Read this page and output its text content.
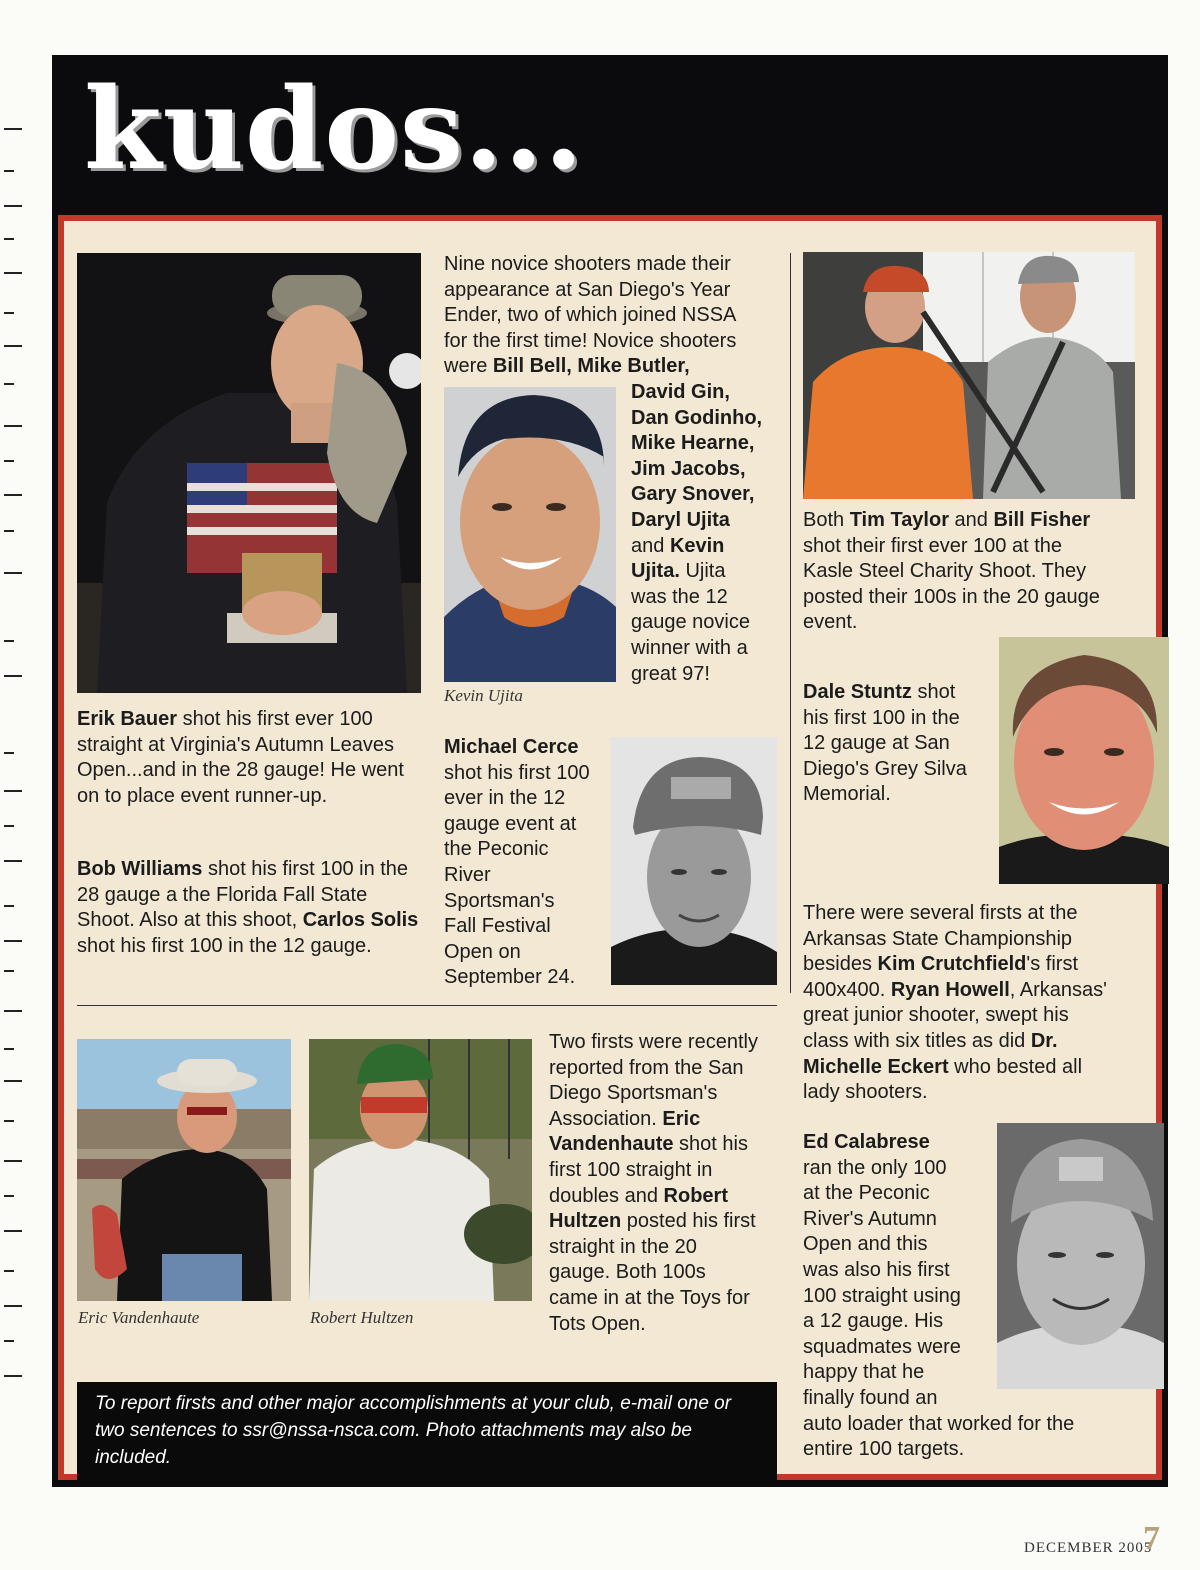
kudos...
Erik Bauer shot his first ever 100 straight at Virginia's Autumn Leaves Open...and in the 28 gauge! He went on to place event runner-up.
Bob Williams shot his first 100 in the 28 gauge a the Florida Fall State Shoot. Also at this shoot, Carlos Solis shot his first 100 in the 12 gauge.
Nine novice shooters made their
appearance at San Diego's Year
Ender, two of which joined NSSA
for the first time! Novice shooters
were Bill Bell, Mike Butler,
David Gin,
Dan Godinho,
Mike Hearne,
Jim Jacobs,
Gary Snover,
Daryl Ujita
and Kevin
Ujita. Ujita
was the 12
gauge novice
winner with a
great 97!
Kevin Ujita
Michael Cerce
shot his first 100
ever in the 12
gauge event at
the Peconic
River
Sportsman's
Fall Festival
Open on
September 24.
Both Tim Taylor and Bill Fisher
shot their first ever 100 at the
Kasle Steel Charity Shoot. They
posted their 100s in the 20 gauge
event.
Dale Stuntz shot
his first 100 in the
12 gauge at San
Diego's Grey Silva
Memorial.
There were several firsts at the
Arkansas State Championship
besides Kim Crutchfield's first
400x400. Ryan Howell, Arkansas'
great junior shooter, swept his
class with six titles as did Dr.
Michelle Eckert who bested all
lady shooters.
Ed Calabrese
ran the only 100
at the Peconic
River's Autumn
Open and this
was also his first
100 straight using
a 12 gauge. His
squadmates were
happy that he
finally found an
auto loader that worked for the
entire 100 targets.
Eric Vandenhaute	Robert Hultzen
Two firsts were recently
reported from the San
Diego Sportsman's
Association. Eric
Vandenhaute shot his
first 100 straight in
doubles and Robert
Hultzen posted his first
straight in the 20
gauge. Both 100s
came in at the Toys for
Tots Open.
To report firsts and other major accomplishments at your club, e-mail one or two sentences to ssr@nssa-nsca.com. Photo attachments may also be included.
DECEMBER 2005
7
